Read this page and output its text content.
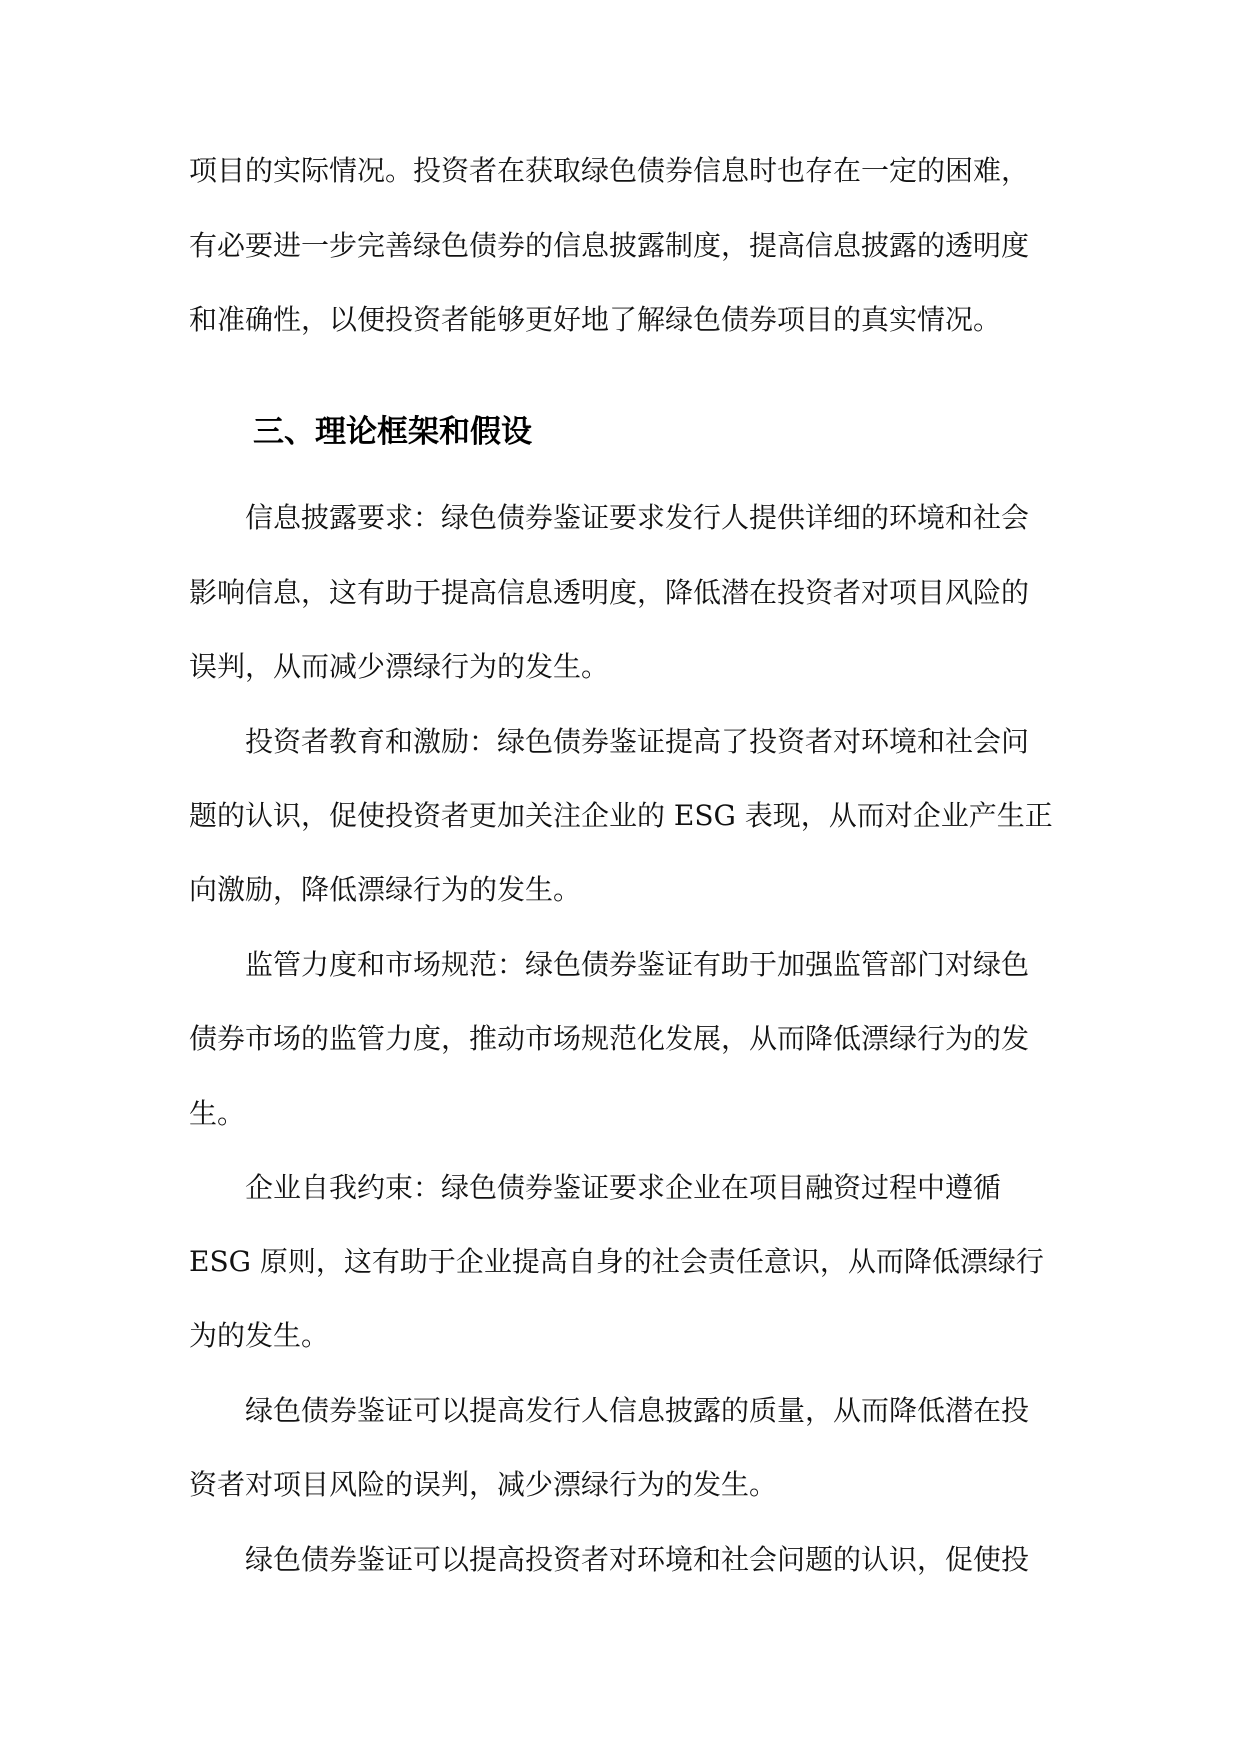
项目的实际情况。投资者在获取绿色债券信息时也存在一定的困难，

有必要进一步完善绿色债券的信息披露制度，提高信息披露的透明度

和准确性，以便投资者能够更好地了解绿色债券项目的真实情况。

三、理论框架和假设

信息披露要求：绿色债券鉴证要求发行人提供详细的环境和社会

影响信息，这有助于提高信息透明度，降低潜在投资者对项目风险的

误判，从而减少漂绿行为的发生。

投资者教育和激励：绿色债券鉴证提高了投资者对环境和社会问

题的认识，促使投资者更加关注企业的 ESG 表现，从而对企业产生正

向激励，降低漂绿行为的发生。

监管力度和市场规范：绿色债券鉴证有助于加强监管部门对绿色

债券市场的监管力度，推动市场规范化发展，从而降低漂绿行为的发

生。

企业自我约束：绿色债券鉴证要求企业在项目融资过程中遵循

ESG 原则，这有助于企业提高自身的社会责任意识，从而降低漂绿行

为的发生。

绿色债券鉴证可以提高发行人信息披露的质量，从而降低潜在投

资者对项目风险的误判，减少漂绿行为的发生。

绿色债券鉴证可以提高投资者对环境和社会问题的认识，促使投
